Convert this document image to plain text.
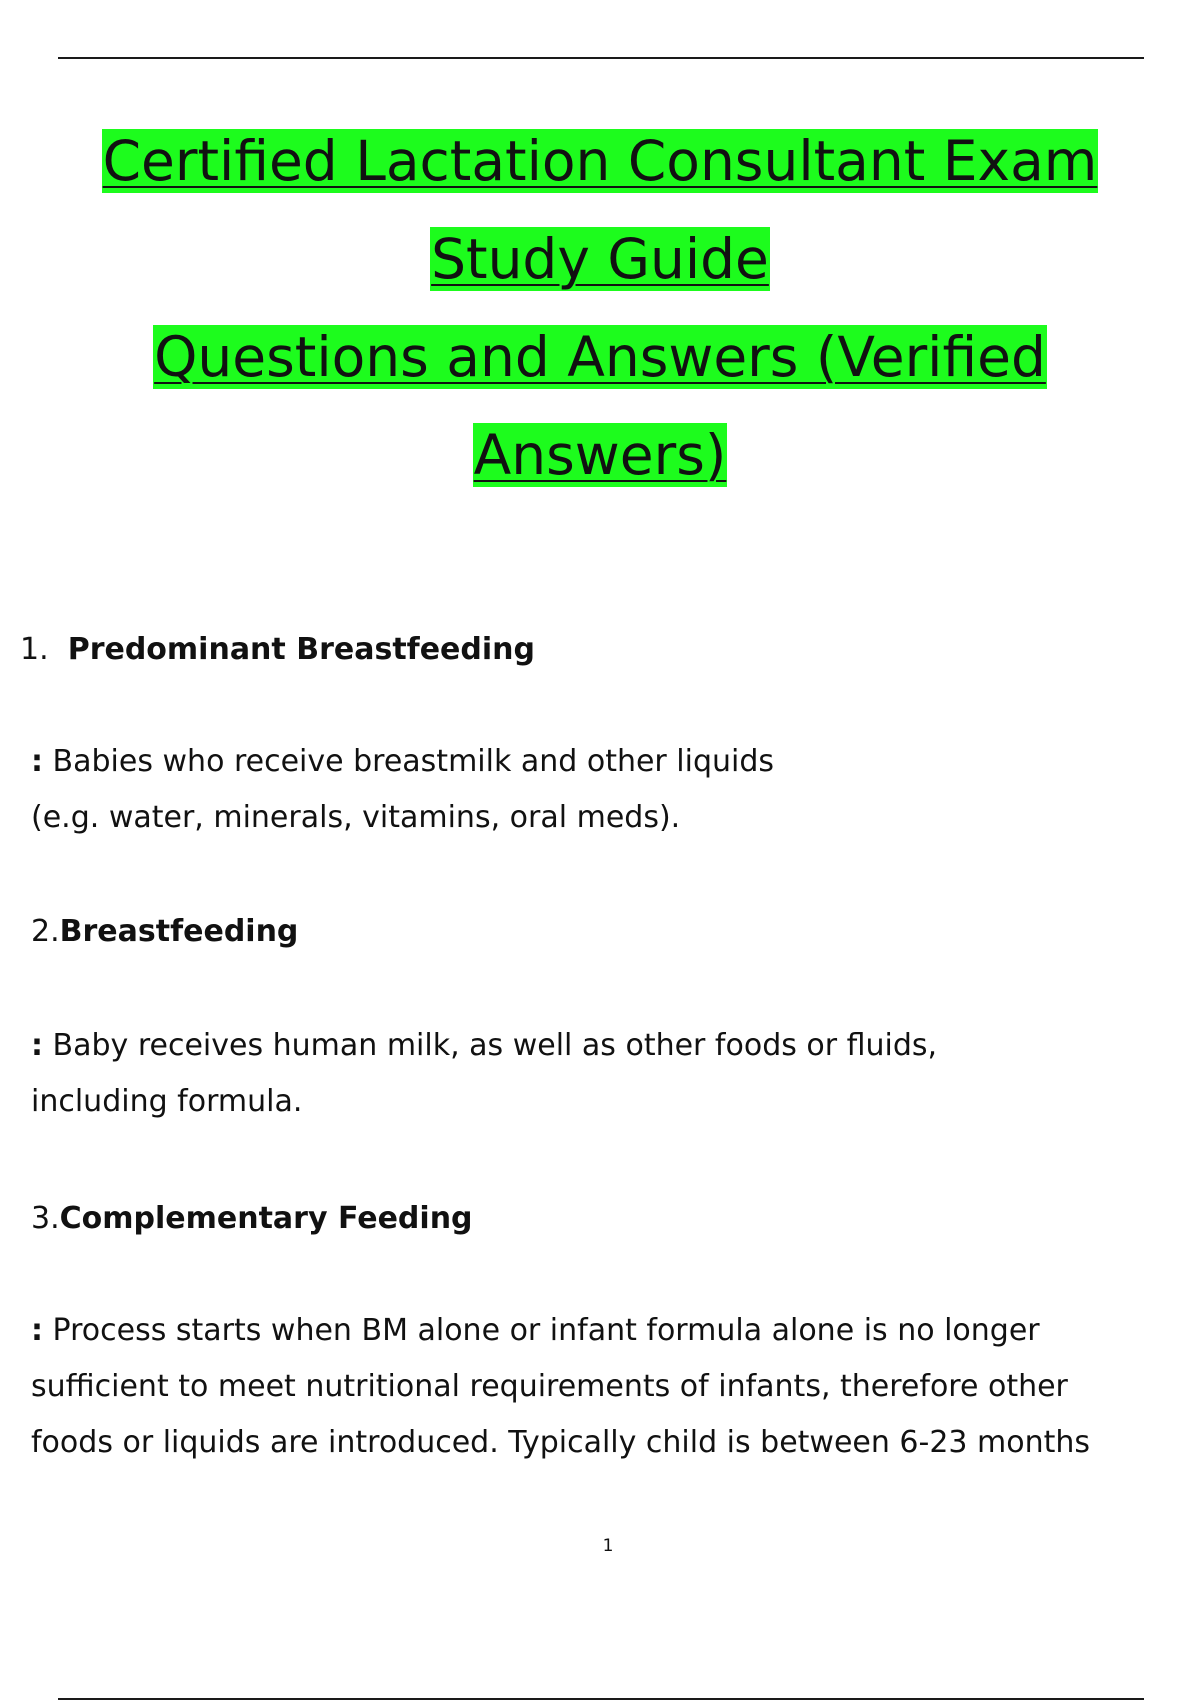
Certified Lactation Consultant Exam
Study Guide
Questions and Answers (Verified
Answers)
1. Predominant Breastfeeding
: Babies who receive breastmilk and other liquids
(e.g. water, minerals, vitamins, oral meds).
2.Breastfeeding
: Baby receives human milk, as well as other foods or fluids,
including formula.
3.Complementary Feeding
: Process starts when BM alone or infant formula alone is no longer
sufficient to meet nutritional requirements of infants, therefore other
foods or liquids are introduced. Typically child is between 6-23 months
1
